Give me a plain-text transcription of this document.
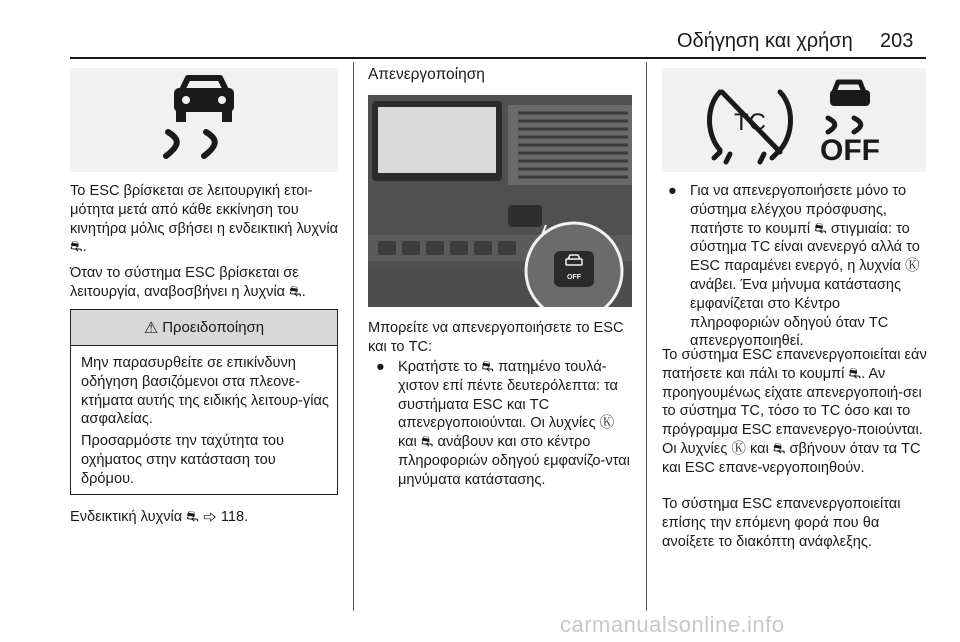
Οδήγηση και χρήση 203

Το ESC βρίσκεται σε λειτουργική ετοι-μότητα μετά από κάθε εκκίνηση του κινητήρα μόλις σβήσει η ενδεικτική λυχνία ⛐.

Όταν το σύστημα ESC βρίσκεται σε λειτουργία, αναβοσβήνει η λυχνία ⛐.

⚠ Προειδοποίηση

Μην παρασυρθείτε σε επικίνδυνη οδήγηση βασιζόμενοι στα πλεονε-κτήματα αυτής της ειδικής λειτουρ-γίας ασφαλείας.

Προσαρμόστε την ταχύτητα του οχήματος στην κατάσταση του δρόμου.

Ενδεικτική λυχνία ⛐ ⇨ 118.

Απενεργοποίηση
OFF

Μπορείτε να απενεργοποιήσετε το ESC και το TC:

● Κρατήστε το ⛐ πατημένο τουλά-χιστον επί πέντε δευτερόλεπτα: τα συστήματα ESC και TC απενεργοποιούνται. Οι λυχνίες Ⓚ και ⛐ ανάβουν και στο κέντρο πληροφοριών οδηγού εμφανίζο-νται μηνύματα κατάστασης.

TC
OFF
● Για να απενεργοποιήσετε μόνο το σύστημα ελέγχου πρόσφυσης, πατήστε το κουμπί ⛐ στιγμιαία: το σύστημα TC είναι ανενεργό αλλά το ESC παραμένει ενεργό, η λυχνία Ⓚ ανάβει. Ένα μήνυμα κατάστασης εμφανίζεται στο Κέντρο πληροφοριών οδηγού όταν TC απενεργοποιηθεί.

Το σύστημα ESC επανενεργοποιείται εάν πατήσετε και πάλι το κουμπί ⛐. Αν προηγουμένως είχατε απενεργοποιή-σει το σύστημα TC, τόσο το TC όσο και το πρόγραμμα ESC επανενεργο-ποιούνται. Οι λυχνίες Ⓚ και ⛐ σβήνουν όταν τα TC και ESC επανε-νεργοποιηθούν.

Το σύστημα ESC επανενεργοποιείται επίσης την επόμενη φορά που θα ανοίξετε το διακόπτη ανάφλεξης.

carmanualsonline.info
